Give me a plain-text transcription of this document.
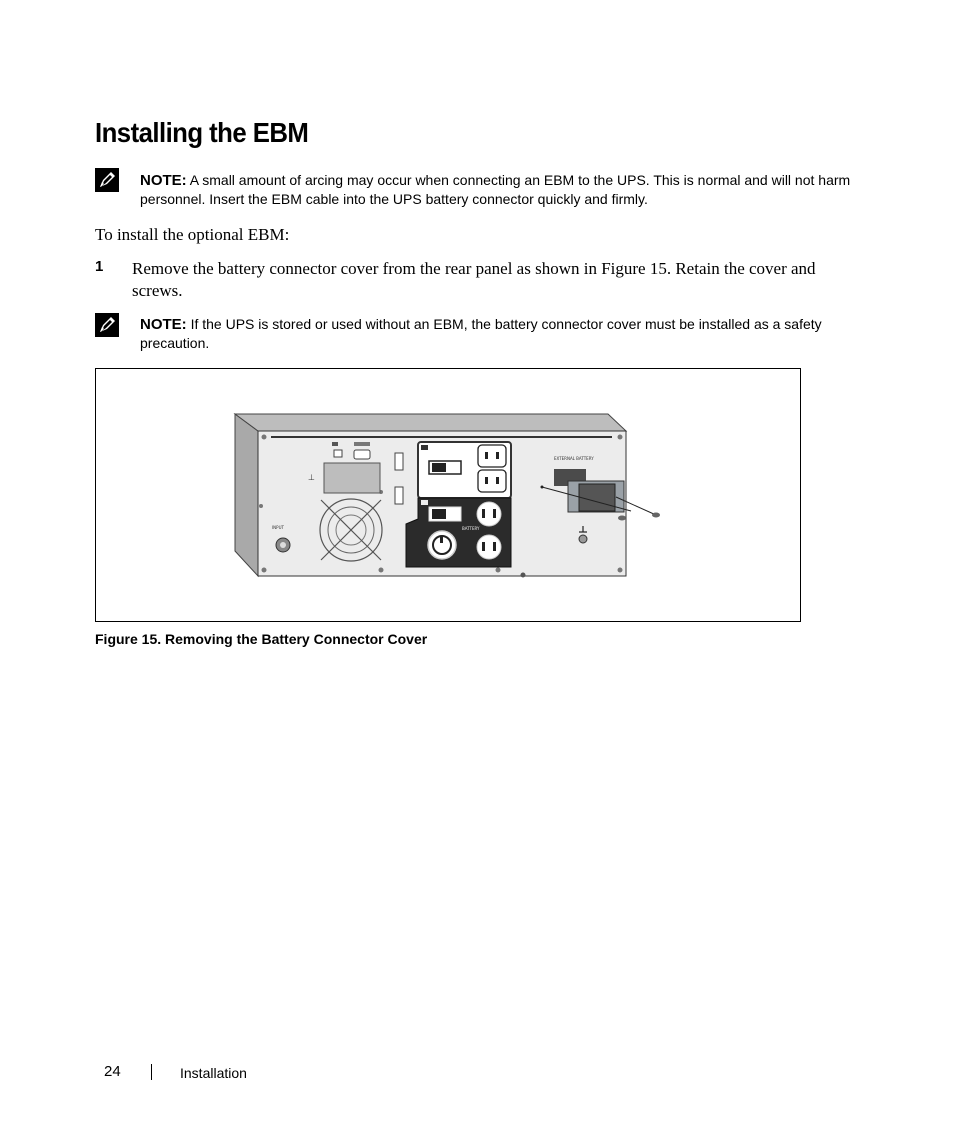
Installing the EBM
NOTE: A small amount of arcing may occur when connecting an EBM to the UPS. This is normal and will not harm personnel. Insert the EBM cable into the UPS battery connector quickly and firmly.
To install the optional EBM:
1 Remove the battery connector cover from the rear panel as shown in Figure 15. Retain the cover and screws.
NOTE: If the UPS is stored or used without an EBM, the battery connector cover must be installed as a safety precaution.
⊥
INPUT	BATTERY
EXTERNAL BATTERY
Figure 15. Removing the Battery Connector Cover
24	Installation
